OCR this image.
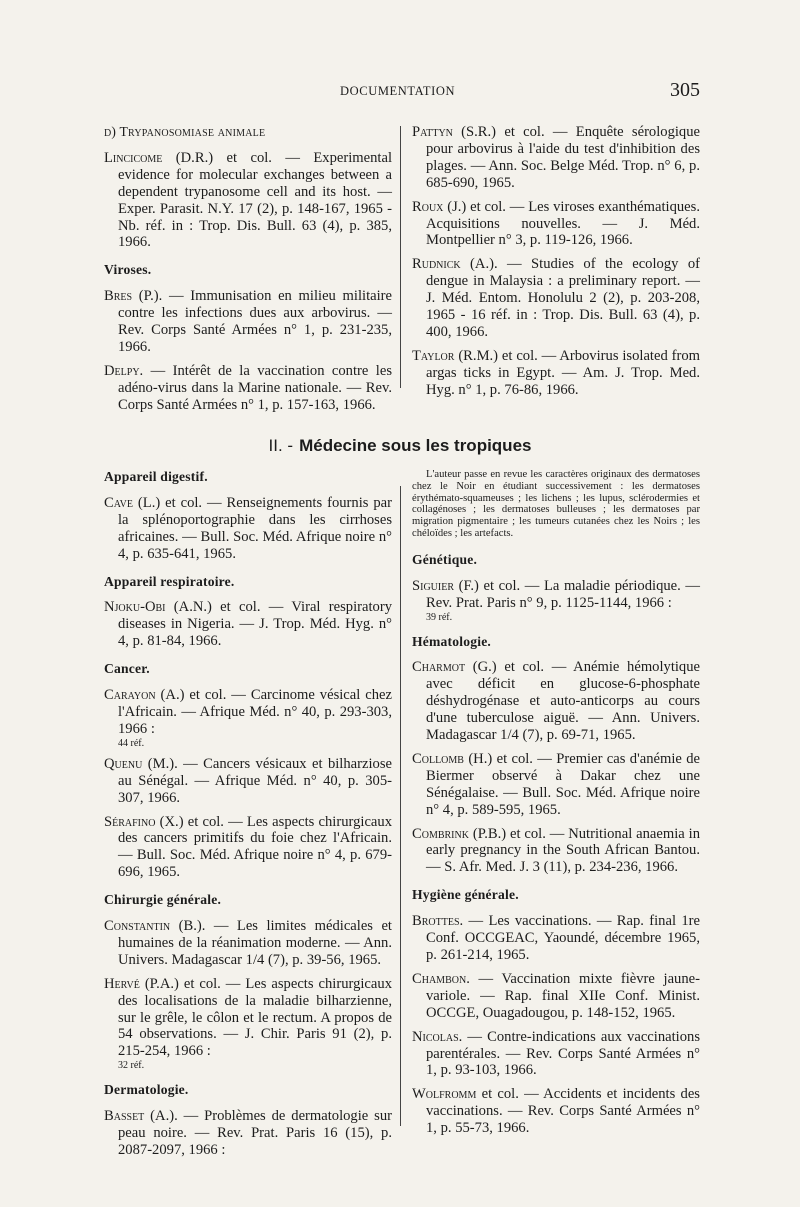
DOCUMENTATION	305
d) Trypanosomiase animale
Lincicome (D.R.) et col. — Experimental evidence for molecular exchanges between a dependent trypanosome cell and its host. — Exper. Parasit. N.Y. 17 (2), p. 148-167, 1965 - Nb. réf. in : Trop. Dis. Bull. 63 (4), p. 385, 1966.
Viroses.
Bres (P.). — Immunisation en milieu militaire contre les infections dues aux arbovirus. — Rev. Corps Santé Armées n° 1, p. 231-235, 1966.
Delpy. — Intérêt de la vaccination contre les adéno-virus dans la Marine nationale. — Rev. Corps Santé Armées n° 1, p. 157-163, 1966.
Pattyn (S.R.) et col. — Enquête sérologique pour arbovirus à l'aide du test d'inhibition des plages. — Ann. Soc. Belge Méd. Trop. n° 6, p. 685-690, 1965.
Roux (J.) et col. — Les viroses exanthématiques. Acquisitions nouvelles. — J. Méd. Montpellier n° 3, p. 119-126, 1966.
Rudnick (A.). — Studies of the ecology of dengue in Malaysia : a preliminary report. — J. Méd. Entom. Honolulu 2 (2), p. 203-208, 1965 - 16 réf. in : Trop. Dis. Bull. 63 (4), p. 400, 1966.
Taylor (R.M.) et col. — Arbovirus isolated from argas ticks in Egypt. — Am. J. Trop. Med. Hyg. n° 1, p. 76-86, 1966.
II. - Médecine sous les tropiques
Appareil digestif.
Cave (L.) et col. — Renseignements fournis par la splénoportographie dans les cirrhoses africaines. — Bull. Soc. Méd. Afrique noire n° 4, p. 635-641, 1965.
Appareil respiratoire.
Njoku-Obi (A.N.) et col. — Viral respiratory diseases in Nigeria. — J. Trop. Méd. Hyg. n° 4, p. 81-84, 1966.
Cancer.
Carayon (A.) et col. — Carcinome vésical chez l'Africain. — Afrique Méd. n° 40, p. 293-303, 1966 :
44 réf.
Quenu (M.). — Cancers vésicaux et bilharziose au Sénégal. — Afrique Méd. n° 40, p. 305-307, 1966.
Sérafino (X.) et col. — Les aspects chirurgicaux des cancers primitifs du foie chez l'Africain. — Bull. Soc. Méd. Afrique noire n° 4, p. 679-696, 1965.
Chirurgie générale.
Constantin (B.). — Les limites médicales et humaines de la réanimation moderne. — Ann. Univers. Madagascar 1/4 (7), p. 39-56, 1965.
Hervé (P.A.) et col. — Les aspects chirurgicaux des localisations de la maladie bilharzienne, sur le grêle, le côlon et le rectum. A propos de 54 observations. — J. Chir. Paris 91 (2), p. 215-254, 1966 :
32 réf.
Dermatologie.
Basset (A.). — Problèmes de dermatologie sur peau noire. — Rev. Prat. Paris 16 (15), p. 2087-2097, 1966 :
L'auteur passe en revue les caractères originaux des dermatoses chez le Noir en étudiant successivement : les dermatoses érythémato-squameuses ; les lichens ; les lupus, sclérodermies et collagénoses ; les dermatoses bulleuses ; les dermatoses par migration pigmentaire ; les tumeurs cutanées chez les Noirs ; les chéloïdes ; les artefacts.
Génétique.
Siguier (F.) et col. — La maladie périodique. — Rev. Prat. Paris n° 9, p. 1125-1144, 1966 :
39 réf.
Hématologie.
Charmot (G.) et col. — Anémie hémolytique avec déficit en glucose-6-phosphate déshydrogénase et auto-anticorps au cours d'une tuberculose aiguë. — Ann. Univers. Madagascar 1/4 (7), p. 69-71, 1965.
Collomb (H.) et col. — Premier cas d'anémie de Biermer observé à Dakar chez une Sénégalaise. — Bull. Soc. Méd. Afrique noire n° 4, p. 589-595, 1965.
Combrink (P.B.) et col. — Nutritional anaemia in early pregnancy in the South African Bantou. — S. Afr. Med. J. 3 (11), p. 234-236, 1966.
Hygiène générale.
Brottes. — Les vaccinations. — Rap. final 1re Conf. OCCGEAC, Yaoundé, décembre 1965, p. 261-214, 1965.
Chambon. — Vaccination mixte fièvre jaune-variole. — Rap. final XIIe Conf. Minist. OCCGE, Ouagadougou, p. 148-152, 1965.
Nicolas. — Contre-indications aux vaccinations parentérales. — Rev. Corps Santé Armées n° 1, p. 93-103, 1966.
Wolfromm et col. — Accidents et incidents des vaccinations. — Rev. Corps Santé Armées n° 1, p. 55-73, 1966.
